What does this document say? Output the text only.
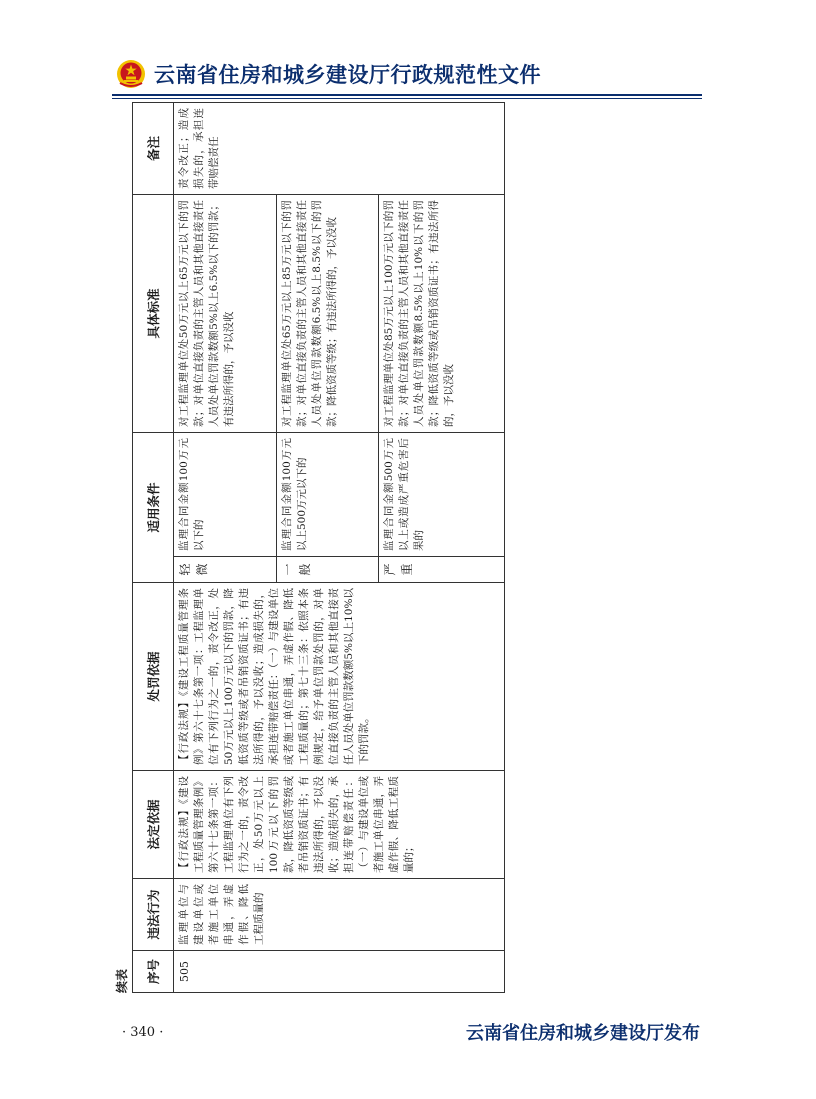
云南省住房和城乡建设厅行政规范性文件
续表 序号	违法行为	法定依据	处罚依据	适用条件		具体标准	备注
505	监理单位与建设单位或者施工单位串通，弄虚作假、降低工程质量的	【行政法规】《建设工程质量管理条例》第六十七条第一项：工程监理单位有下列行为之一的，责令改正，处50万元以上100万元以下的罚款，降低资质等级或者吊销资质证书；有违法所得的，予以没收；造成损失的，承担连带赔偿责任：（一）与建设单位或者施工单位串通，弄虚作假、降低工程质量的；	【行政法规】《建设工程质量管理条例》第六十七条第一项：工程监理单位有下列行为之一的，责令改正，处50万元以上100万元以下的罚款，降低资质等级或者吊销资质证书；有违法所得的，予以没收；造成损失的，承担连带赔偿责任：（一）与建设单位或者施工单位串通，弄虚作假、降低工程质量的；第七十三条：依照本条例规定，给予单位罚款处罚的，对单位直接负责的主管人员和其他直接责任人员处单位罚款数额5%以上10%以下的罚款。	轻微	监理合同金额100万元以下的	对工程监理单位处50万元以上65万元以下的罚款；对单位直接负责的主管人员和其他直接责任人员处单位罚款数额5%以上6.5%以下的罚款；有违法所得的，予以没收	责令改正；造成损失的，承担连带赔偿责任
				一般	监理合同金额100万元以上500万元以下的	对工程监理单位处65万元以上85万元以下的罚款；对单位直接负责的主管人员和其他直接责任人员处单位罚款数额6.5%以上8.5%以下的罚款；降低资质等级；有违法所得的，予以没收	
				严重	监理合同金额500万元以上或造成严重危害后果的	对工程监理单位处85万元以上100万元以下的罚款；对单位直接负责的主管人员和其他直接责任人员处单位罚款数额8.5%以上10%以下的罚款；降低资质等级或吊销资质证书；有违法所得的，予以没收	
· 340 ·	云南省住房和城乡建设厅发布
